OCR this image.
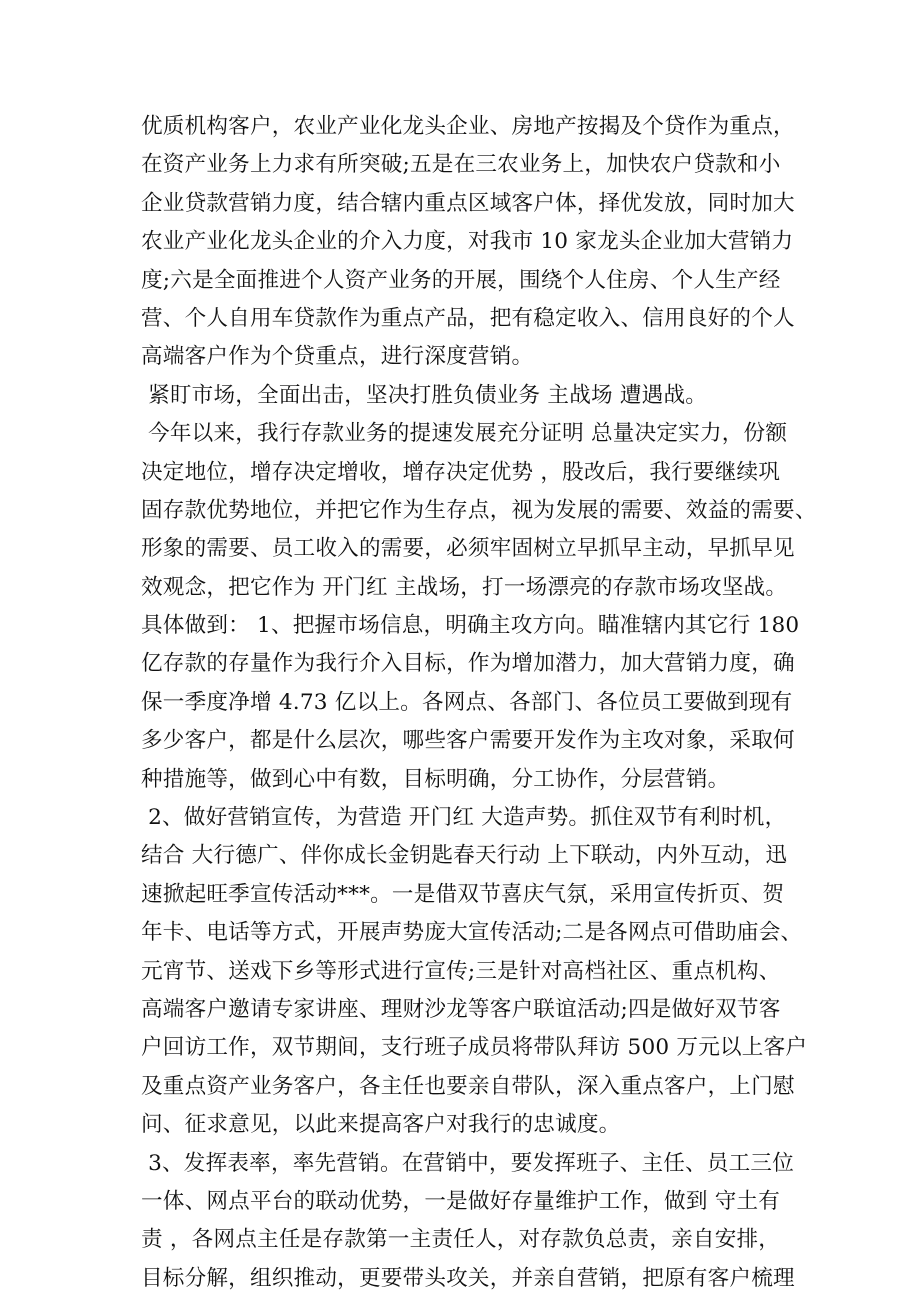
优质机构客户，农业产业化龙头企业、房地产按揭及个贷作为重点，
在资产业务上力求有所突破;五是在三农业务上，加快农户贷款和小
企业贷款营销力度，结合辖内重点区域客户体，择优发放，同时加大
农业产业化龙头企业的介入力度，对我市 10 家龙头企业加大营销力
度;六是全面推进个人资产业务的开展，围绕个人住房、个人生产经
营、个人自用车贷款作为重点产品，把有稳定收入、信用良好的个人
高端客户作为个贷重点，进行深度营销。
紧盯市场，全面出击，坚决打胜负债业务 主战场 遭遇战。
今年以来，我行存款业务的提速发展充分证明 总量决定实力，份额
决定地位，增存决定增收，增存决定优势 ，股改后，我行要继续巩
固存款优势地位，并把它作为生存点，视为发展的需要、效益的需要、
形象的需要、员工收入的需要，必须牢固树立早抓早主动，早抓早见
效观念，把它作为 开门红 主战场，打一场漂亮的存款市场攻坚战。
具体做到： 1、把握市场信息，明确主攻方向。瞄准辖内其它行 180
亿存款的存量作为我行介入目标，作为增加潜力，加大营销力度，确
保一季度净增 4.73 亿以上。各网点、各部门、各位员工要做到现有
多少客户，都是什么层次，哪些客户需要开发作为主攻对象，采取何
种措施等，做到心中有数，目标明确，分工协作，分层营销。
2、做好营销宣传，为营造 开门红 大造声势。抓住双节有利时机，
结合 大行德广、伴你成长金钥匙春天行动 上下联动，内外互动，迅
速掀起旺季宣传活动***。一是借双节喜庆气氛，采用宣传折页、贺
年卡、电话等方式，开展声势庞大宣传活动;二是各网点可借助庙会、
元宵节、送戏下乡等形式进行宣传;三是针对高档社区、重点机构、
高端客户邀请专家讲座、理财沙龙等客户联谊活动;四是做好双节客
户回访工作，双节期间，支行班子成员将带队拜访 500 万元以上客户
及重点资产业务客户，各主任也要亲自带队，深入重点客户，上门慰
问、征求意见，以此来提高客户对我行的忠诚度。
3、发挥表率，率先营销。在营销中，要发挥班子、主任、员工三位
一体、网点平台的联动优势，一是做好存量维护工作，做到 守土有
责 ，各网点主任是存款第一主责任人，对存款负总责，亲自安排，
目标分解，组织推动，更要带头攻关，并亲自营销，把原有客户梳理
